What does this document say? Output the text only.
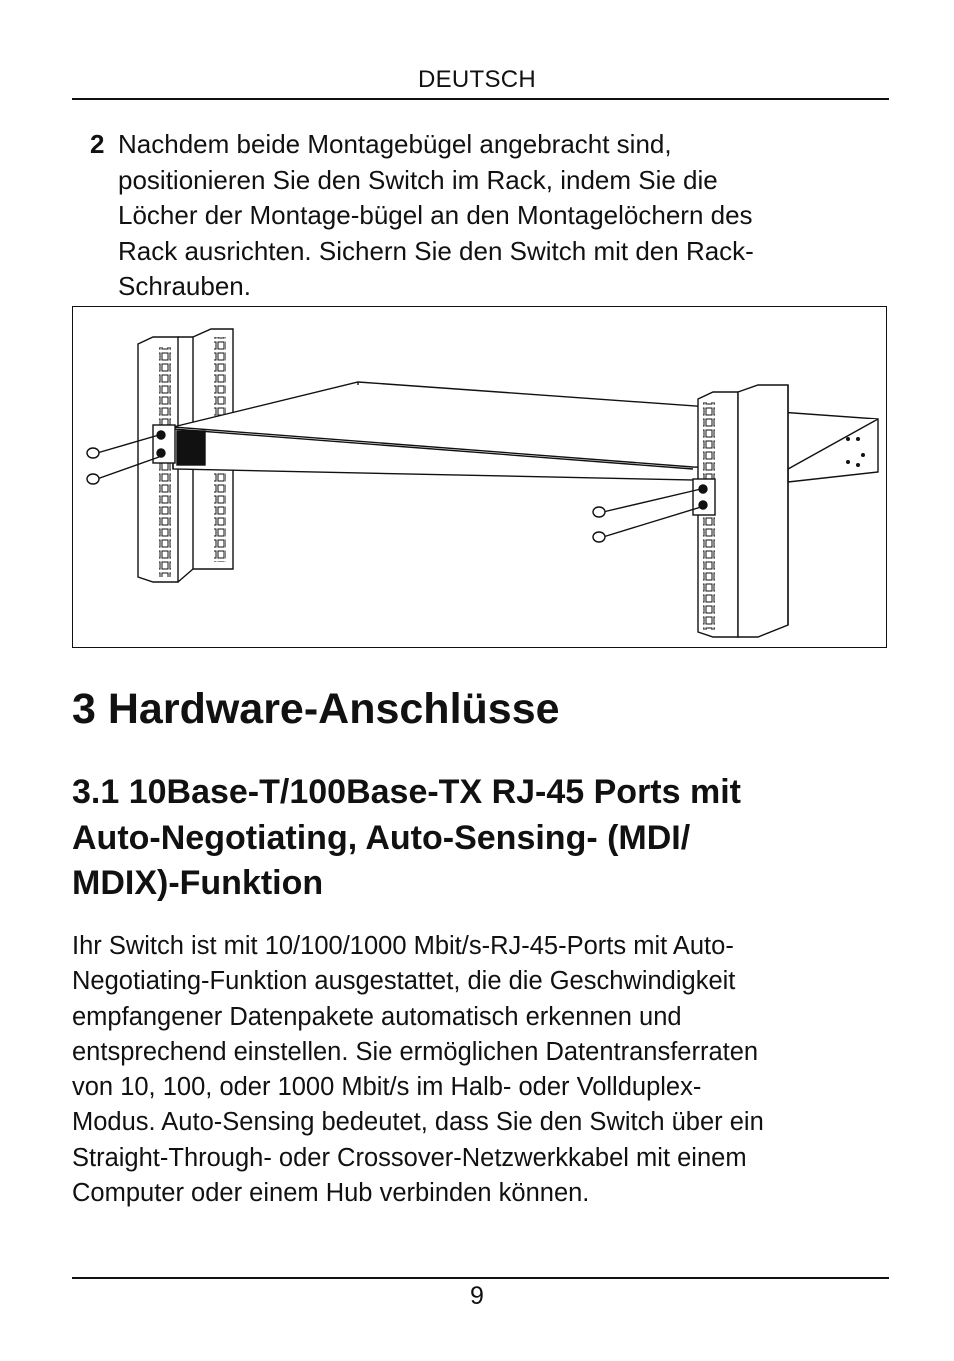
DEUTSCH
2 Nachdem beide Montagebügel angebracht sind,
positionieren Sie den Switch im Rack, indem Sie die
Löcher der Montage-bügel an den Montagelöchern des
Rack ausrichten. Sichern Sie den Switch mit den Rack-
Schrauben.
3 Hardware-Anschlüsse
3.1 10Base-T/100Base-TX RJ-45 Ports mit
Auto-Negotiating, Auto-Sensing- (MDI/
MDIX)-Funktion
Ihr Switch ist mit 10/100/1000 Mbit/s-RJ-45-Ports mit Auto-
Negotiating-Funktion ausgestattet, die die Geschwindigkeit
empfangener Datenpakete automatisch erkennen und
entsprechend einstellen. Sie ermöglichen Datentransferraten
von 10, 100, oder 1000 Mbit/s im Halb- oder Vollduplex-
Modus. Auto-Sensing bedeutet, dass Sie den Switch über ein
Straight-Through- oder Crossover-Netzwerkkabel mit einem
Computer oder einem Hub verbinden können.
9
